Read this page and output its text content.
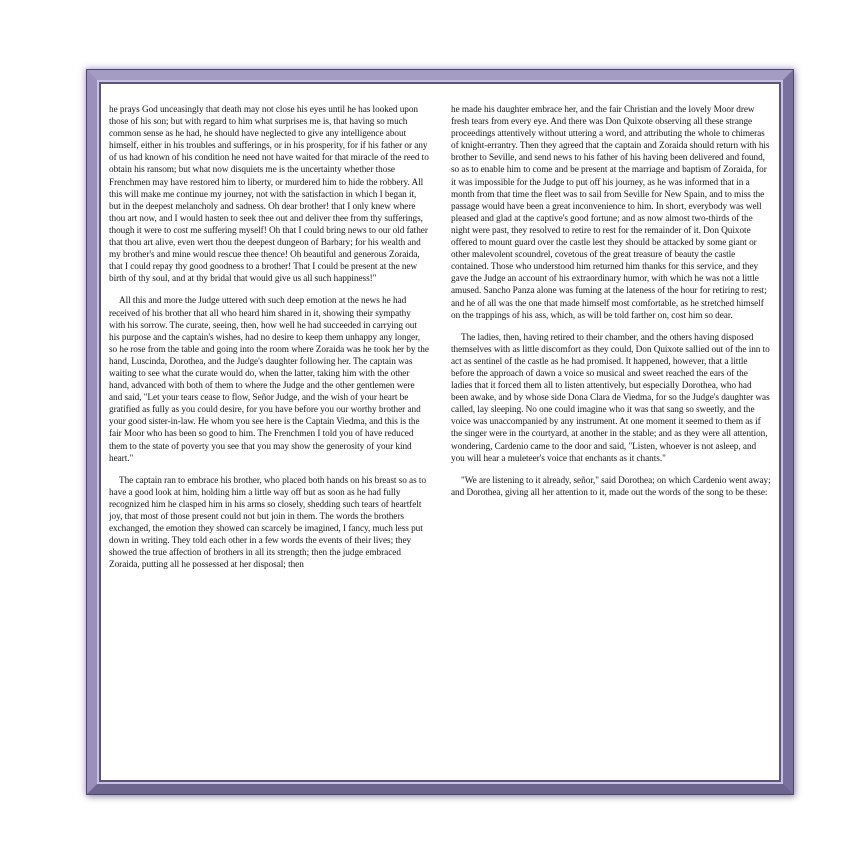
he prays God unceasingly that death may not close his eyes until he has looked upon those of his son; but with regard to him what surprises me is, that having so much common sense as he had, he should have neglected to give any intelligence about himself, either in his troubles and sufferings, or in his prosperity, for if his father or any of us had known of his condition he need not have waited for that miracle of the reed to obtain his ransom; but what now disquiets me is the uncertainty whether those Frenchmen may have restored him to liberty, or murdered him to hide the robbery. All this will make me continue my journey, not with the satisfaction in which I began it, but in the deepest melancholy and sadness. Oh dear brother! that I only knew where thou art now, and I would hasten to seek thee out and deliver thee from thy sufferings, though it were to cost me suffering myself! Oh that I could bring news to our old father that thou art alive, even wert thou the deepest dungeon of Barbary; for his wealth and my brother's and mine would rescue thee thence! Oh beautiful and generous Zoraida, that I could repay thy good goodness to a brother! That I could be present at the new birth of thy soul, and at thy bridal that would give us all such happiness!"

All this and more the Judge uttered with such deep emotion at the news he had received of his brother that all who heard him shared in it, showing their sympathy with his sorrow. The curate, seeing, then, how well he had succeeded in carrying out his purpose and the captain's wishes, had no desire to keep them unhappy any longer, so he rose from the table and going into the room where Zoraida was he took her by the hand, Luscinda, Dorothea, and the Judge's daughter following her. The captain was waiting to see what the curate would do, when the latter, taking him with the other hand, advanced with both of them to where the Judge and the other gentlemen were and said, "Let your tears cease to flow, Señor Judge, and the wish of your heart be gratified as fully as you could desire, for you have before you our worthy brother and your good sister-in-law. He whom you see here is the Captain Viedma, and this is the fair Moor who has been so good to him. The Frenchmen I told you of have reduced them to the state of poverty you see that you may show the generosity of your kind heart."

The captain ran to embrace his brother, who placed both hands on his breast so as to have a good look at him, holding him a little way off but as soon as he had fully recognized him he clasped him in his arms so closely, shedding such tears of heartfelt joy, that most of those present could not but join in them. The words the brothers exchanged, the emotion they showed can scarcely be imagined, I fancy, much less put down in writing. They told each other in a few words the events of their lives; they showed the true affection of brothers in all its strength; then the judge embraced Zoraida, putting all he possessed at her disposal; then

he made his daughter embrace her, and the fair Christian and the lovely Moor drew fresh tears from every eye. And there was Don Quixote observing all these strange proceedings attentively without uttering a word, and attributing the whole to chimeras of knight-errantry. Then they agreed that the captain and Zoraida should return with his brother to Seville, and send news to his father of his having been delivered and found, so as to enable him to come and be present at the marriage and baptism of Zoraida, for it was impossible for the Judge to put off his journey, as he was informed that in a month from that time the fleet was to sail from Seville for New Spain, and to miss the passage would have been a great inconvenience to him. In short, everybody was well pleased and glad at the captive's good fortune; and as now almost two-thirds of the night were past, they resolved to retire to rest for the remainder of it. Don Quixote offered to mount guard over the castle lest they should be attacked by some giant or other malevolent scoundrel, covetous of the great treasure of beauty the castle contained. Those who understood him returned him thanks for this service, and they gave the Judge an account of his extraordinary humor, with which he was not a little amused. Sancho Panza alone was fuming at the lateness of the hour for retiring to rest; and he of all was the one that made himself most comfortable, as he stretched himself on the trappings of his ass, which, as will be told farther on, cost him so dear.

The ladies, then, having retired to their chamber, and the others having disposed themselves with as little discomfort as they could, Don Quixote sallied out of the inn to act as sentinel of the castle as he had promised. It happened, however, that a little before the approach of dawn a voice so musical and sweet reached the ears of the ladies that it forced them all to listen attentively, but especially Dorothea, who had been awake, and by whose side Dona Clara de Viedma, for so the Judge's daughter was called, lay sleeping. No one could imagine who it was that sang so sweetly, and the voice was unaccompanied by any instrument. At one moment it seemed to them as if the singer were in the courtyard, at another in the stable; and as they were all attention, wondering, Cardenio came to the door and said, "Listen, whoever is not asleep, and you will hear a muleteer's voice that enchants as it chants."

"We are listening to it already, señor," said Dorothea; on which Cardenio went away; and Dorothea, giving all her attention to it, made out the words of the song to be these:
